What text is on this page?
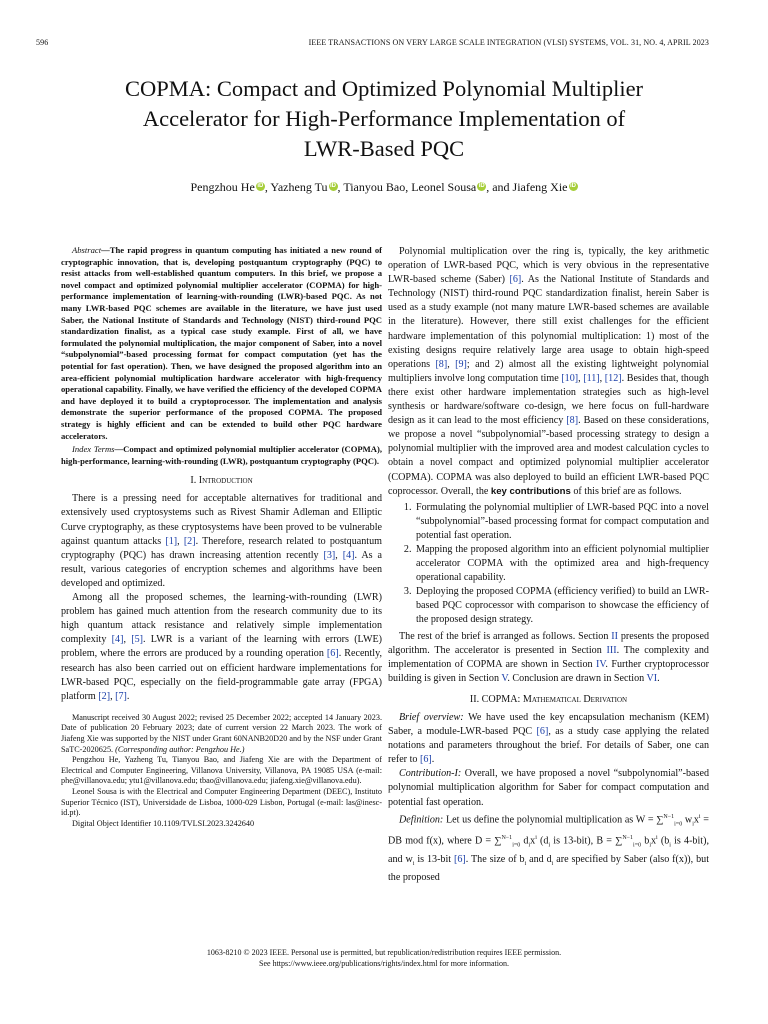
596	IEEE TRANSACTIONS ON VERY LARGE SCALE INTEGRATION (VLSI) SYSTEMS, VOL. 31, NO. 4, APRIL 2023
COPMA: Compact and Optimized Polynomial Multiplier
Accelerator for High-Performance Implementation of
LWR-Based PQC
Pengzhou He iD , Yazheng Tu iD , Tianyou Bao, Leonel Sousa iD , and Jiafeng Xie iD

Abstract—The rapid progress in quantum computing has initiated a new round of cryptographic innovation, that is, developing postquantum cryptography (PQC) to resist attacks from well-established quantum computers. In this brief, we propose a novel compact and optimized polynomial multiplier accelerator (COPMA) for high-performance implementation of learning-with-rounding (LWR)-based PQC. As not many LWR-based PQC schemes are available in the literature, we have just used Saber, the National Institute of Standards and Technology (NIST) third-round PQC standardization finalist, as a typical case study example. First of all, we have formulated the polynomial multiplication, the major component of Saber, into a novel “subpolynomial”-based processing format for compact computation (yet has the potential for fast operation). Then, we have designed the proposed algorithm into an area-efficient polynomial multiplication hardware accelerator with high-frequency operational capability. Finally, we have verified the efficiency of the developed COPMA and have deployed it to build a cryptoprocessor. The implementation and analysis demonstrate the superior performance of the proposed COPMA. The proposed strategy is highly efficient and can be extended to build other PQC hardware accelerators.

Index Terms—Compact and optimized polynomial multiplier accelerator (COPMA), high-performance, learning-with-rounding (LWR), postquantum cryptography (PQC).

I. Introduction

There is a pressing need for acceptable alternatives for traditional and extensively used cryptosystems such as Rivest Shamir Adleman and Elliptic Curve cryptography, as these cryptosystems have been proved to be vulnerable against quantum attacks [1], [2]. Therefore, research related to postquantum cryptography (PQC) has drawn increasing attention recently [3], [4]. As a result, various categories of encryption schemes and algorithms have been developed and optimized.

Among all the proposed schemes, the learning-with-rounding (LWR) problem has gained much attention from the research community due to its high quantum attack resistance and relatively simple implementation complexity [4], [5]. LWR is a variant of the learning with errors (LWE) problem, where the errors are produced by a rounding operation [6]. Recently, research has also been carried out on efficient hardware implementations for LWR-based PQC, especially on the field-programmable gate array (FPGA) platform [2], [7].

Manuscript received 30 August 2022; revised 25 December 2022; accepted 14 January 2023. Date of publication 20 February 2023; date of current version 22 March 2023. The work of Jiafeng Xie was supported by the NIST under Grant 60NANB20D20 and by the NSF under Grant SaTC-2020625. (Corresponding author: Pengzhou He.)

Pengzhou He, Yazheng Tu, Tianyou Bao, and Jiafeng Xie are with the Department of Electrical and Computer Engineering, Villanova University, Villanova, PA 19085 USA (e-mail: phe@villanova.edu; ytu1@villanova.edu; tbao@villanova.edu; jiafeng.xie@villanova.edu).

Leonel Sousa is with the Electrical and Computer Engineering Department (DEEC), Instituto Superior Técnico (IST), Universidade de Lisboa, 1000-029 Lisbon, Portugal (e-mail: las@inesc-id.pt).

Digital Object Identifier 10.1109/TVLSI.2023.3242640

Polynomial multiplication over the ring is, typically, the key arithmetic operation of LWR-based PQC, which is very obvious in the representative LWR-based scheme (Saber) [6]. As the National Institute of Standards and Technology (NIST) third-round PQC standardization finalist, herein Saber is used as a study example (not many mature LWR-based schemes are available in the literature). However, there still exist challenges for the efficient hardware implementation of this polynomial multiplication: 1) most of the existing designs require relatively large area usage to obtain high-speed operations [8], [9]; and 2) almost all the existing lightweight polynomial multipliers involve long computation time [10], [11], [12]. Besides that, though there exist other hardware implementation strategies such as high-level synthesis or hardware/software co-design, we here focus on full-hardware design as it can lead to the most efficiency [8]. Based on these considerations, we propose a novel “subpolynomial”-based processing strategy to design a polynomial multiplier with the improved area and modest calculation cycles to obtain a novel compact and optimized polynomial multiplier accelerator (COPMA). COPMA was also deployed to build an efficient LWR-based PQC coprocessor. Overall, the key contributions of this brief are as follows.

1. Formulating the polynomial multiplier of LWR-based PQC into a novel “subpolynomial”-based processing format for compact computation and potential fast operation.
2. Mapping the proposed algorithm into an efficient polynomial multiplier accelerator COPMA with the optimized area and high-frequency operational capability.
3. Deploying the proposed COPMA (efficiency verified) to build an LWR-based PQC coprocessor with comparison to showcase the efficiency of the proposed design strategy.

The rest of the brief is arranged as follows. Section II presents the proposed algorithm. The accelerator is presented in Section III. The complexity and implementation of COPMA are shown in Section IV. Further cryptoprocessor building is given in Section V. Conclusion are drawn in Section VI.

II. COPMA: Mathematical Derivation

Brief overview: We have used the key encapsulation mechanism (KEM) Saber, a module-LWR-based PQC [6], as a study case applying the related notations and parameters throughout the brief. For details of Saber, one can refer to [6].

Contribution-I: Overall, we have proposed a novel “subpolynomial”-based polynomial multiplication algorithm for Saber for compact computation and potential fast operation.

Definition: Let us define the polynomial multiplication as W = ∑$^{N-1}_{i=0}$ $w_ix^i$ = DB mod f(x), where D = ∑$^{N-1}_{i=0}$ $d_ix^i$ ($d_i$ is 13-bit), B = ∑$^{N-1}_{i=0}$ $b_ix^i$ ($b_i$ is 4-bit), and $w_i$ is 13-bit [6]. The size of $b_i$ and $d_i$ are specified by Saber (also f(x)), but the proposed

1063-8210 © 2023 IEEE. Personal use is permitted, but republication/redistribution requires IEEE permission.
See https://www.ieee.org/publications/rights/index.html for more information.
